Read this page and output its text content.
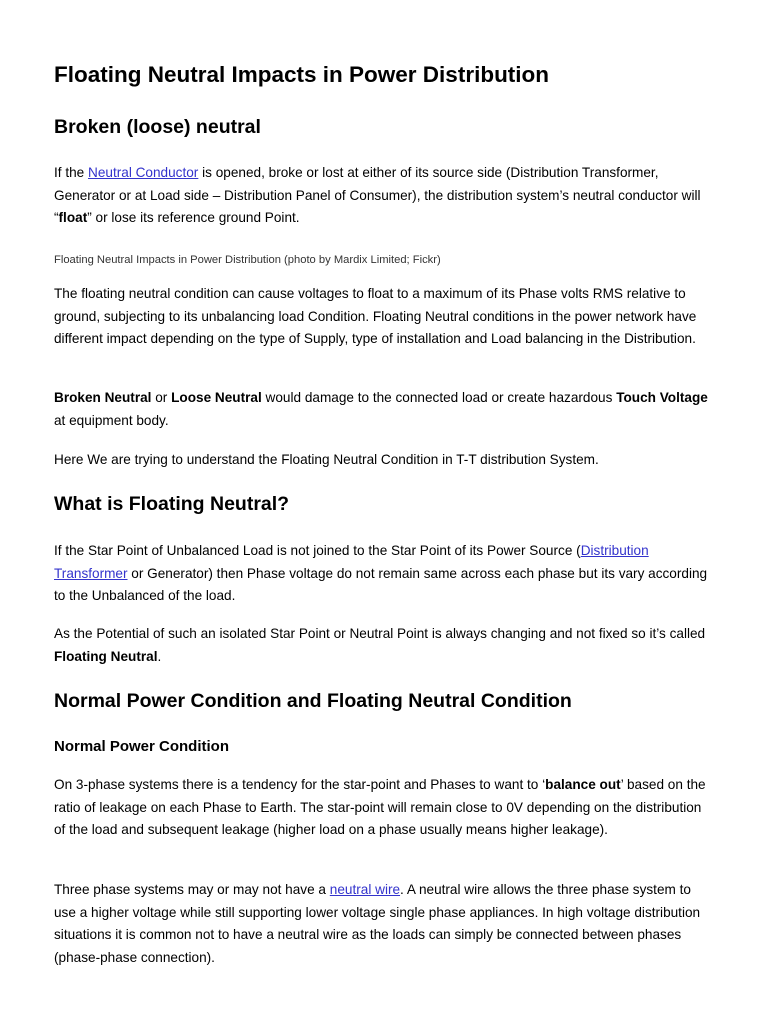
Floating Neutral Impacts in Power Distribution
Broken (loose) neutral

If the Neutral Conductor is opened, broke or lost at either of its source side (Distribution Transformer, Generator or at Load side – Distribution Panel of Consumer), the distribution system’s neutral conductor will “float” or lose its reference ground Point.

Floating Neutral Impacts in Power Distribution (photo by Mardix Limited; Fickr)

The floating neutral condition can cause voltages to float to a maximum of its Phase volts RMS relative to ground, subjecting to its unbalancing load Condition. Floating Neutral conditions in the power network have different impact depending on the type of Supply, type of installation and Load balancing in the Distribution.

Broken Neutral or Loose Neutral would damage to the connected load or create hazardous Touch Voltage at equipment body.

Here We are trying to understand the Floating Neutral Condition in T-T distribution System.

What is Floating Neutral?

If the Star Point of Unbalanced Load is not joined to the Star Point of its Power Source (Distribution Transformer or Generator) then Phase voltage do not remain same across each phase but its vary according to the Unbalanced of the load.

As the Potential of such an isolated Star Point or Neutral Point is always changing and not fixed so it’s called Floating Neutral.

Normal Power Condition and Floating Neutral Condition
Normal Power Condition

On 3-phase systems there is a tendency for the star-point and Phases to want to ‘balance out’ based on the ratio of leakage on each Phase to Earth. The star-point will remain close to 0V depending on the distribution of the load and subsequent leakage (higher load on a phase usually means higher leakage).

Three phase systems may or may not have a neutral wire. A neutral wire allows the three phase system to use a higher voltage while still supporting lower voltage single phase appliances. In high voltage distribution situations it is common not to have a neutral wire as the loads can simply be connected between phases (phase-phase connection).
